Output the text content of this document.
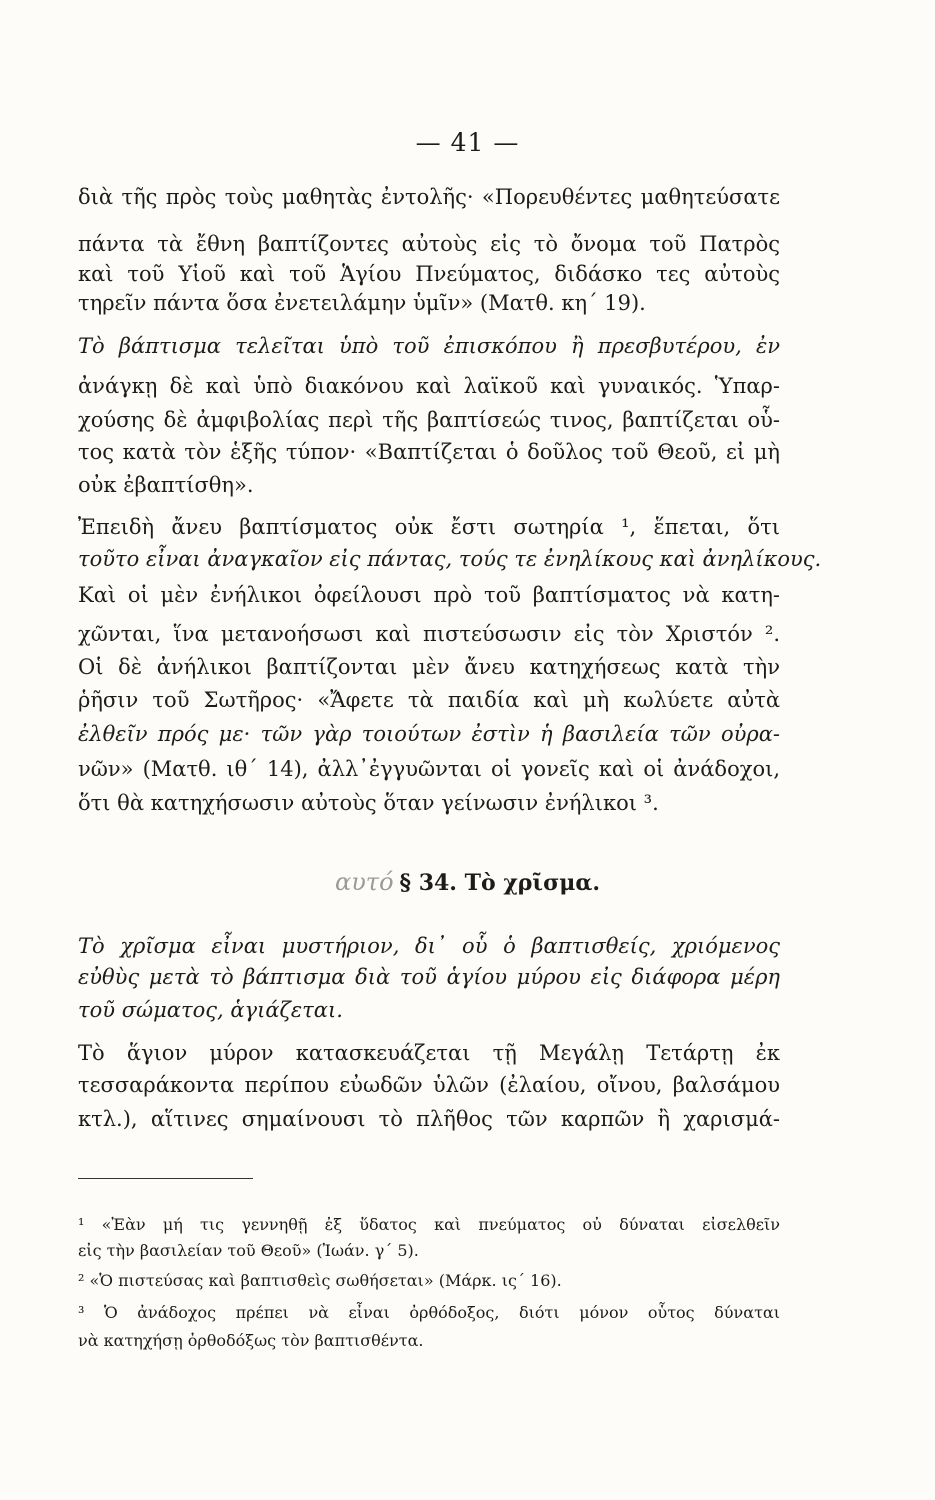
— 41 —
διὰ τῆς πρὸς τοὺς μαθητὰς ἐντολῆς· «Πορευθέντες μαθητεύσατε
πάντα τὰ ἔθνη βαπτίζοντες αὐτοὺς εἰς τὸ ὄνομα τοῦ Πατρὸς
καὶ τοῦ Υἱοῦ καὶ τοῦ Ἁγίου Πνεύματος, διδάσκο τες αὐτοὺς
τηρεῖν πάντα ὅσα ἐνετειλάμην ὑμῖν» (Ματθ. κη΄ 19).
Τὸ βάπτισμα τελεῖται ὑπὸ τοῦ ἐπισκόπου ἢ πρεσβυτέρου, ἐν
ἀνάγκῃ δὲ καὶ ὑπὸ διακόνου καὶ λαϊκοῦ καὶ γυναικός. Ὑπαρ-
χούσης δὲ ἀμφιβολίας περὶ τῆς βαπτίσεώς τινος, βαπτίζεται οὗ-
τος κατὰ τὸν ἑξῆς τύπον· «Βαπτίζεται ὁ δοῦλος τοῦ Θεοῦ, εἰ μὴ
οὐκ ἐβαπτίσθη».
Ἐπειδὴ ἄνευ βαπτίσματος οὐκ ἔστι σωτηρία ¹, ἕπεται, ὅτι
τοῦτο εἶναι ἀναγκαῖον εἰς πάντας, τούς τε ἐνηλίκους καὶ ἀνηλίκους.
Καὶ οἱ μὲν ἐνήλικοι ὀφείλουσι πρὸ τοῦ βαπτίσματος νὰ κατη-
χῶνται, ἵνα μετανοήσωσι καὶ πιστεύσωσιν εἰς τὸν Χριστόν ².
Οἱ δὲ ἀνήλικοι βαπτίζονται μὲν ἄνευ κατηχήσεως κατὰ τὴν
ῥῆσιν τοῦ Σωτῆρος· «Ἄφετε τὰ παιδία καὶ μὴ κωλύετε αὐτὰ
ἐλθεῖν πρός με· τῶν γὰρ τοιούτων ἐστὶν ἡ βασιλεία τῶν οὐρα-
νῶν» (Ματθ. ιθ΄ 14), ἀλλ᾽ἐγγυῶνται οἱ γονεῖς καὶ οἱ ἀνάδοχοι,
ὅτι θὰ κατηχήσωσιν αὐτοὺς ὅταν γείνωσιν ἐνήλικοι ³.
αυτό § 34. Τὸ χρῖσμα.
Τὸ χρῖσμα εἶναι μυστήριον, δι᾽ οὗ ὁ βαπτισθείς, χριόμενος
εὐθὺς μετὰ τὸ βάπτισμα διὰ τοῦ ἁγίου μύρου εἰς διάφορα μέρη
τοῦ σώματος, ἁγιάζεται.
Τὸ ἅγιον μύρον κατασκευάζεται τῇ Μεγάλῃ Τετάρτῃ ἐκ
τεσσαράκοντα περίπου εὐωδῶν ὑλῶν (ἐλαίου, οἴνου, βαλσάμου
κτλ.), αἵτινες σημαίνουσι τὸ πλῆθος τῶν καρπῶν ἢ χαρισμά-
¹ «Ἐὰν μή τις γεννηθῇ ἐξ ὕδατος καὶ πνεύματος οὐ δύναται εἰσελθεῖν
εἰς τὴν βασιλείαν τοῦ Θεοῦ» (Ἰωάν. γ΄ 5).
² «Ὁ πιστεύσας καὶ βαπτισθεὶς σωθήσεται» (Μάρκ. ις΄ 16).
³ Ὁ ἀνάδοχος πρέπει νὰ εἶναι ὀρθόδοξος, διότι μόνον οὗτος δύναται
νὰ κατηχήσῃ ὀρθοδόξως τὸν βαπτισθέντα.
